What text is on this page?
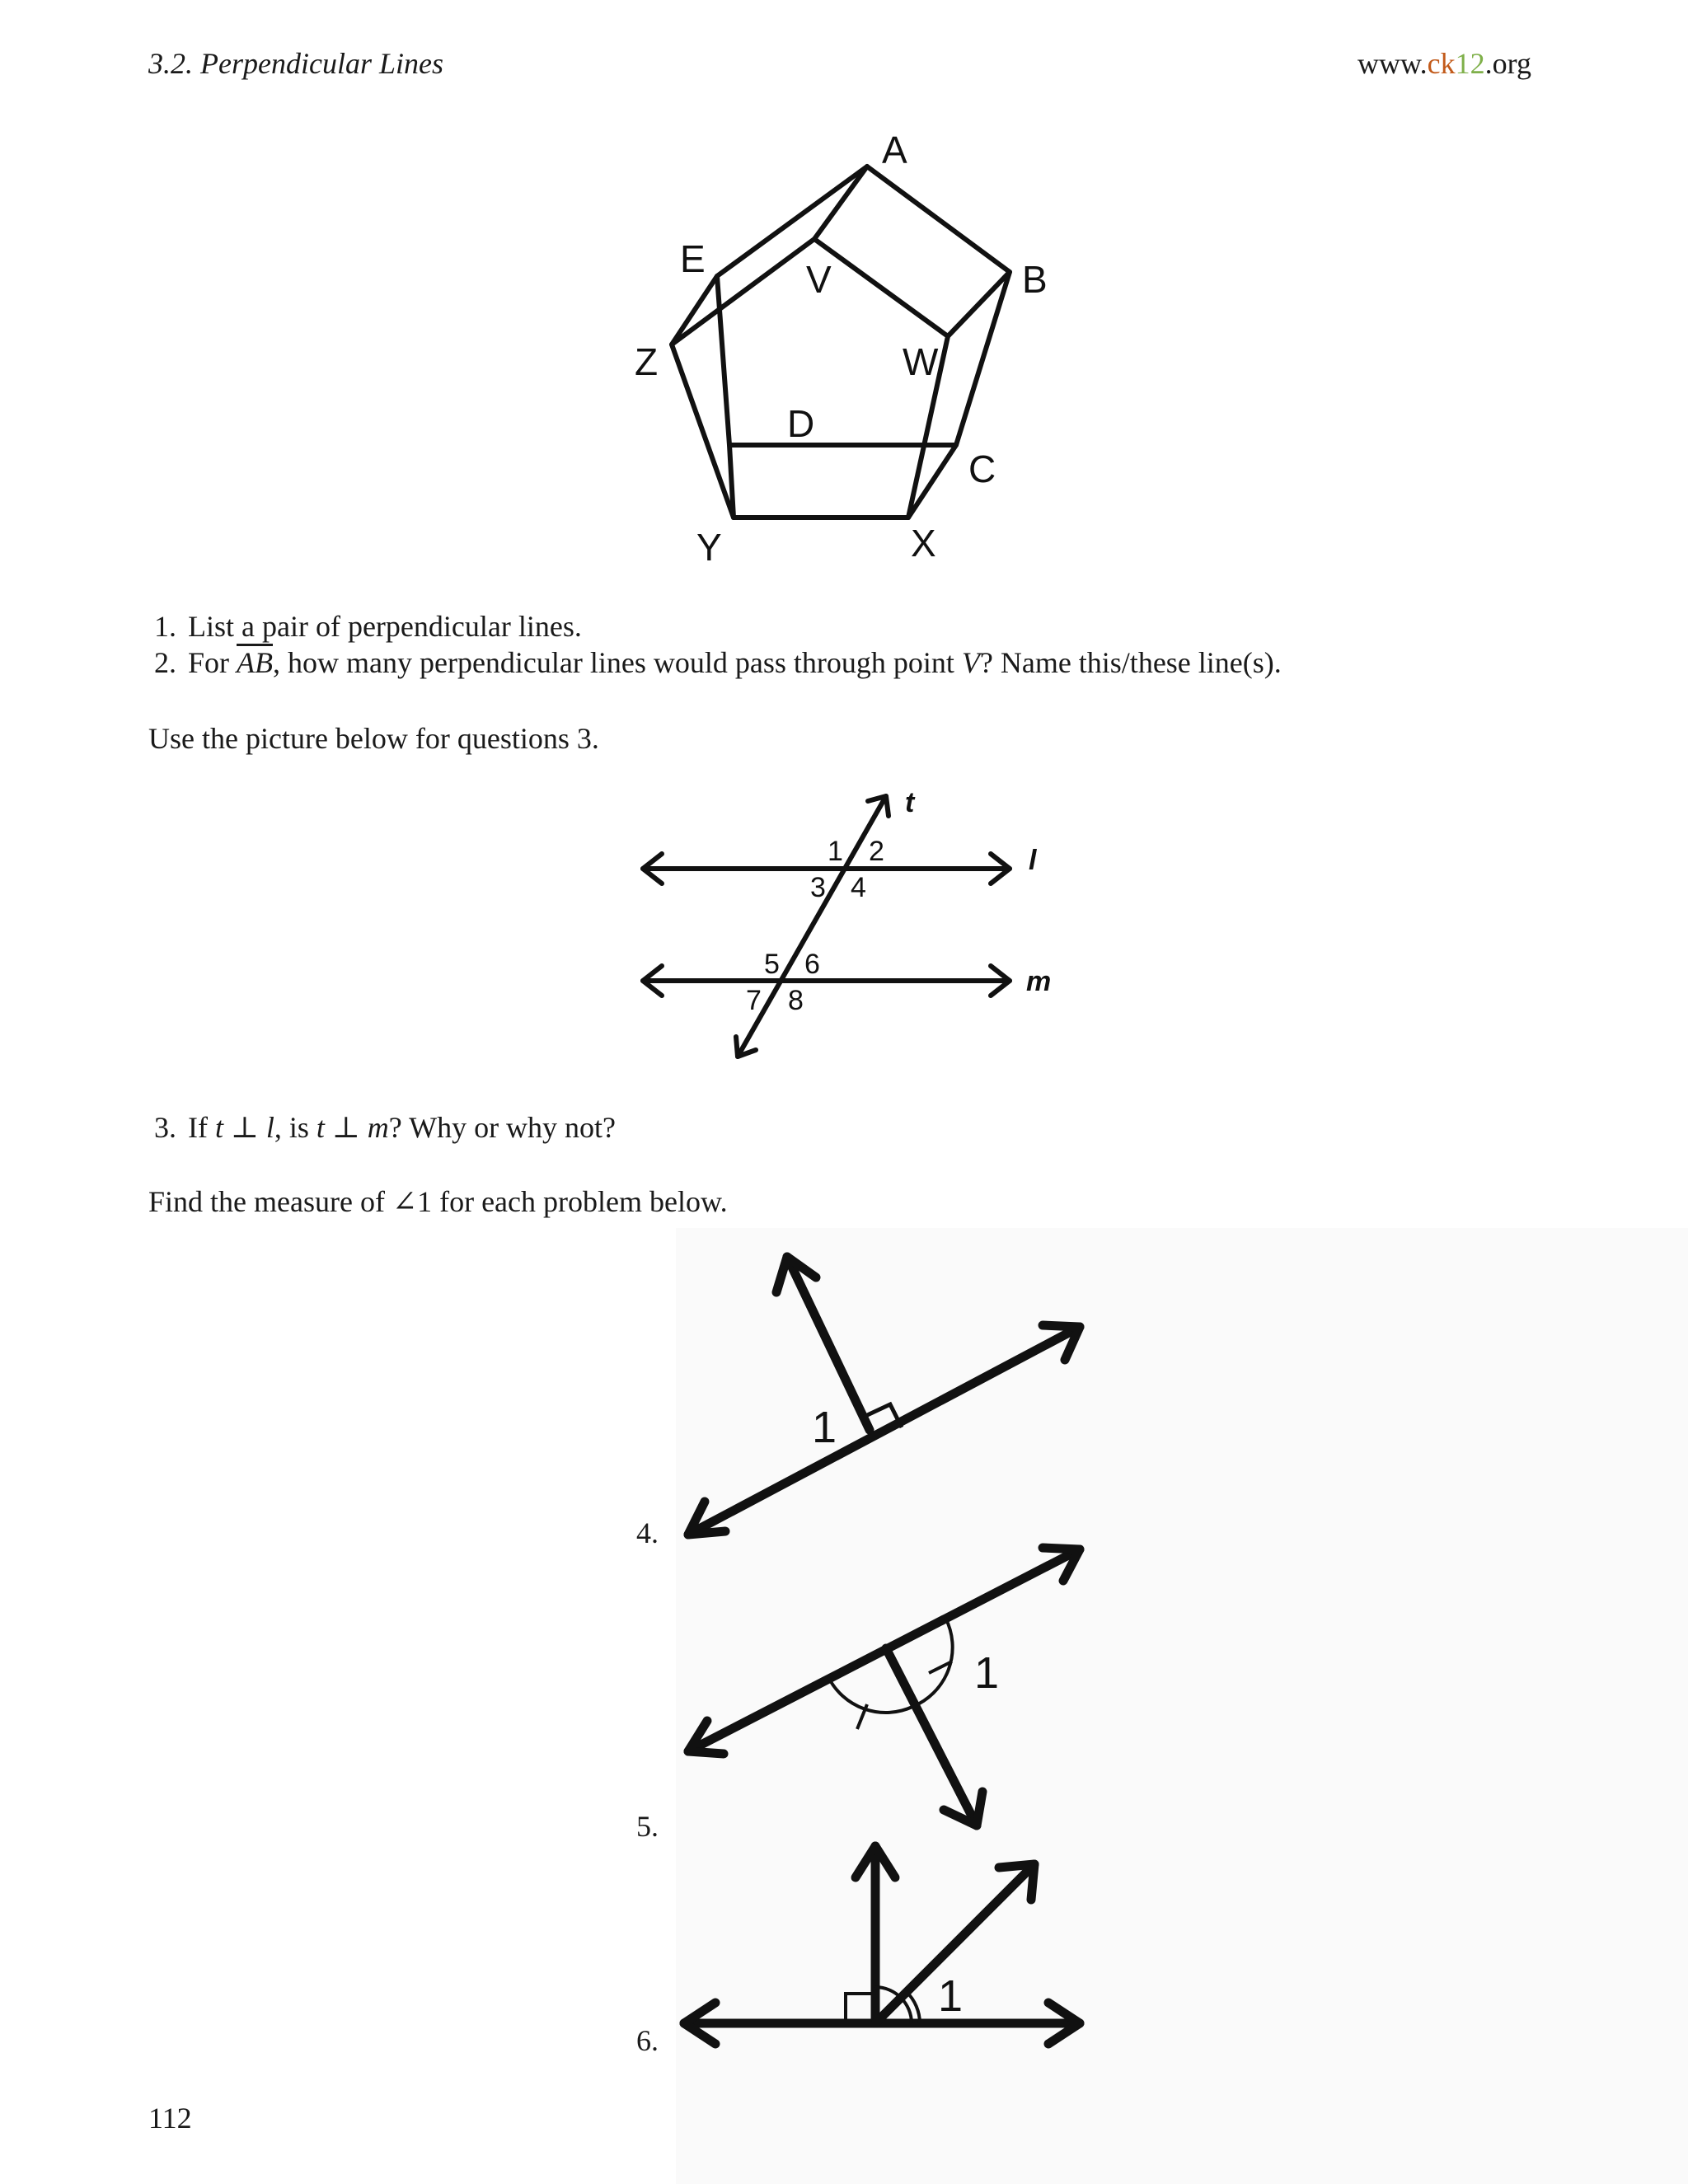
3.2. Perpendicular Lines	www.ck12.org
A
B
C
D
E	V
W
X
Y
Z
1. List a pair of perpendicular lines.
2. For $\overline{AB}$, how many perpendicular lines would pass through point V? Name this/these line(s).
Use the picture below for questions 3.
t
l
m
1 2
3 4
5 6
7 8
3. If t ⊥ l, is t ⊥ m? Why or why not?
Find the measure of ∠1 for each problem below.
4.
1
5.
1
6.
1
112
